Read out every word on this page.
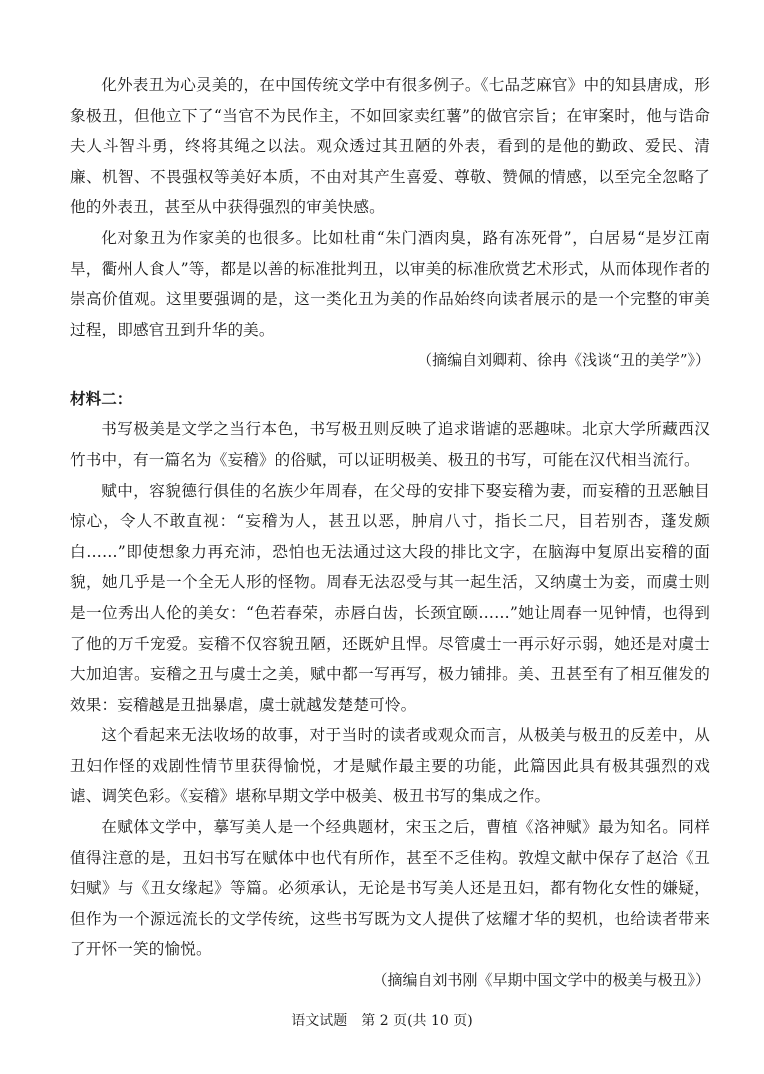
化外表丑为心灵美的，在中国传统文学中有很多例子。《七品芝麻官》中的知县唐成，形象极丑，但他立下了“当官不为民作主，不如回家卖红薯”的做官宗旨；在审案时，他与诰命夫人斗智斗勇，终将其绳之以法。观众透过其丑陋的外表，看到的是他的勤政、爱民、清廉、机智、不畏强权等美好本质，不由对其产生喜爱、尊敬、赞佩的情感，以至完全忽略了他的外表丑，甚至从中获得强烈的审美快感。

化对象丑为作家美的也很多。比如杜甫“朱门酒肉臭，路有冻死骨”，白居易“是岁江南旱，衢州人食人”等，都是以善的标准批判丑，以审美的标准欣赏艺术形式，从而体现作者的崇高价值观。这里要强调的是，这一类化丑为美的作品始终向读者展示的是一个完整的审美过程，即感官丑到升华的美。

（摘编自刘卿莉、徐冉《浅谈“丑的美学”》）

材料二：

书写极美是文学之当行本色，书写极丑则反映了追求谐谑的恶趣味。北京大学所藏西汉竹书中，有一篇名为《妄稽》的俗赋，可以证明极美、极丑的书写，可能在汉代相当流行。

赋中，容貌德行俱佳的名族少年周春，在父母的安排下娶妄稽为妻，而妄稽的丑恶触目惊心，令人不敢直视：“妄稽为人，甚丑以恶，肿肩八寸，指长二尺，目若别杏，蓬发颇白……”即使想象力再充沛，恐怕也无法通过这大段的排比文字，在脑海中复原出妄稽的面貌，她几乎是一个全无人形的怪物。周春无法忍受与其一起生活，又纳虞士为妾，而虞士则是一位秀出人伦的美女：“色若春荣，赤唇白齿，长颈宜颐……”她让周春一见钟情，也得到了他的万千宠爱。妄稽不仅容貌丑陋，还既妒且悍。尽管虞士一再示好示弱，她还是对虞士大加迫害。妄稽之丑与虞士之美，赋中都一写再写，极力铺排。美、丑甚至有了相互催发的效果：妄稽越是丑拙暴虐，虞士就越发楚楚可怜。

这个看起来无法收场的故事，对于当时的读者或观众而言，从极美与极丑的反差中，从丑妇作怪的戏剧性情节里获得愉悦，才是赋作最主要的功能，此篇因此具有极其强烈的戏谑、调笑色彩。《妄稽》堪称早期文学中极美、极丑书写的集成之作。

在赋体文学中，摹写美人是一个经典题材，宋玉之后，曹植《洛神赋》最为知名。同样值得注意的是，丑妇书写在赋体中也代有所作，甚至不乏佳构。敦煌文献中保存了赵洽《丑妇赋》与《丑女缘起》等篇。必须承认，无论是书写美人还是丑妇，都有物化女性的嫌疑，但作为一个源远流长的文学传统，这些书写既为文人提供了炫耀才华的契机，也给读者带来了开怀一笑的愉悦。

（摘编自刘书刚《早期中国文学中的极美与极丑》）

语文试题　第 2 页(共 10 页)
